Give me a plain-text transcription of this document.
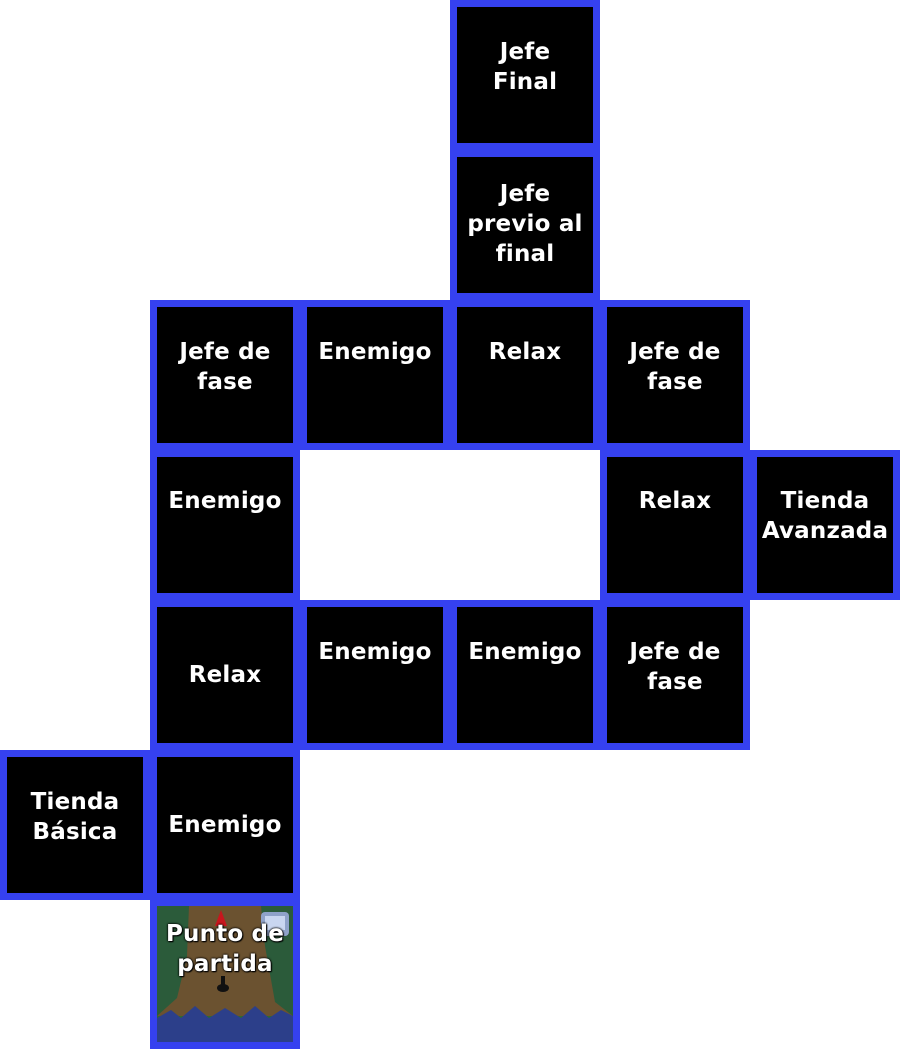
Jefe
Final
Jefe
previo al
final
Jefe de
fase
Enemigo Relax	Jefe de
fase
Enemigo	Relax	Tienda
Avanzada
Relax
Enemigo Enemigo Jefe de
fase
Tienda
Básica Enemigo
Punto de
partida
